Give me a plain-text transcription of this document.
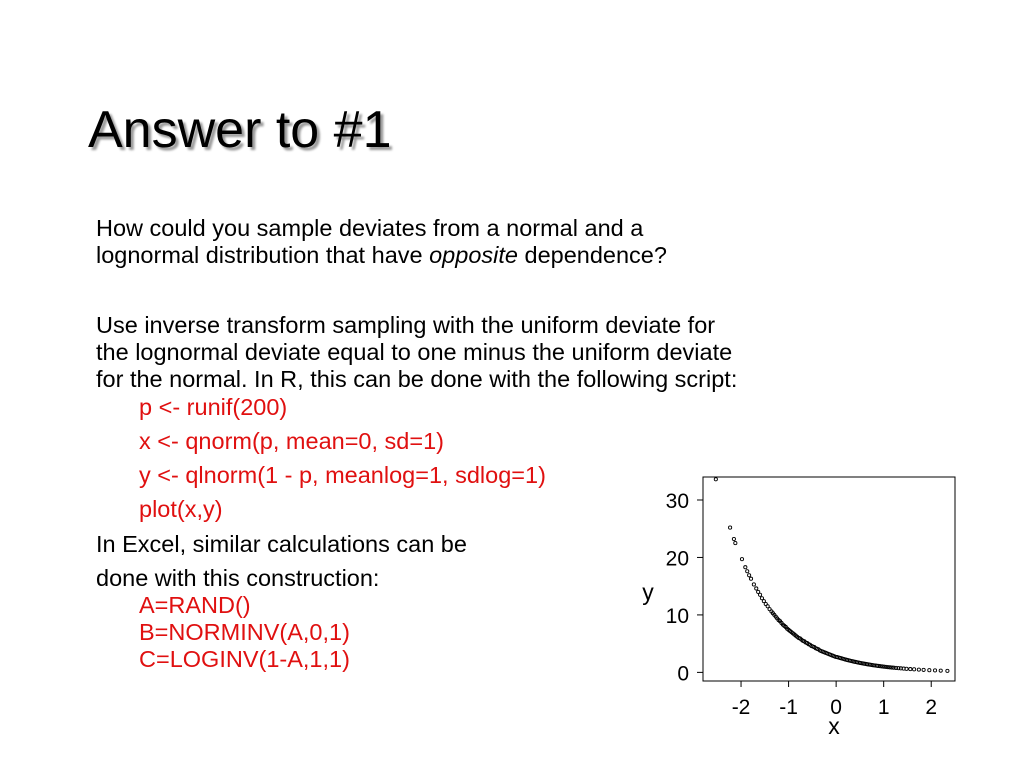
Answer to #1

How could you sample deviates from a normal and a

lognormal distribution that have opposite dependence?

Use inverse transform sampling with the uniform deviate for

the lognormal deviate equal to one minus the uniform deviate

for the normal. In R, this can be done with the following script:

p <- runif(200)

x <- qnorm(p, mean=0, sd=1)

y <- qlnorm(1 - p, meanlog=1, sdlog=1)

plot(x,y)

In Excel, similar calculations can be

done with this construction:

A=RAND()

B=NORMINV(A,0,1)

C=LOGINV(1-A,1,1)

0
10
20
30
-2 -1 0 1 2
y
x
